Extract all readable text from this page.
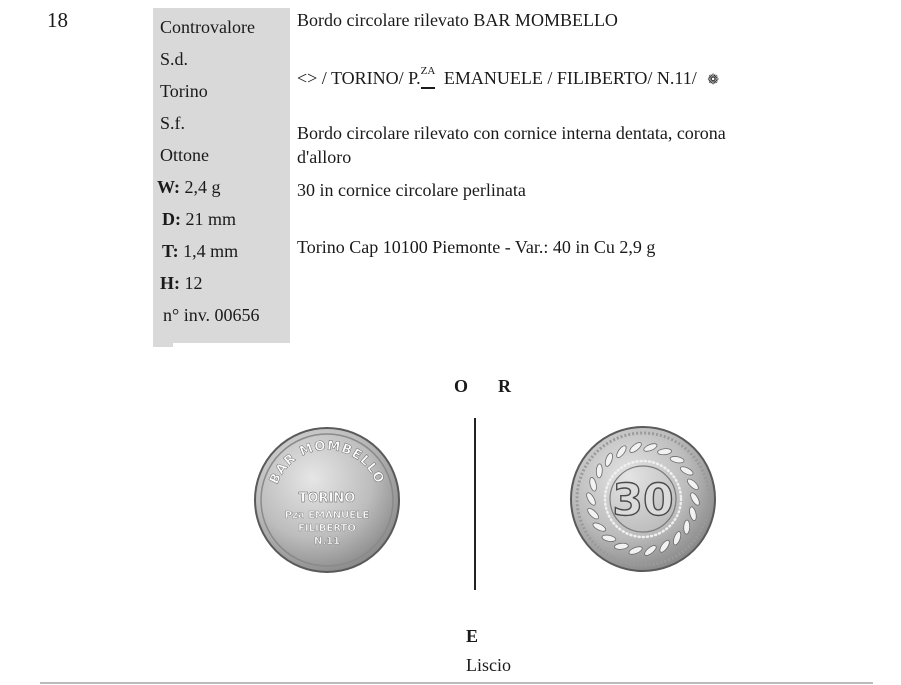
18	Controvalore
S.d.
Torino
S.f.
Ottone
W: 2,4 g
D: 21 mm
T: 1,4 mm
H: 12
n° inv. 00656
Bordo circolare rilevato BAR MOMBELLO
<> / TORINO/ P.ZA EMANUELE / FILIBERTO/ N.11/ ❁
Bordo circolare rilevato con cornice interna dentata, corona
d'alloro
30 in cornice circolare perlinata
Torino Cap 10100 Piemonte - Var.: 40 in Cu 2,9 g
O R
BAR MOMBELLO
TORINO
Pza EMANUELE
FILIBERTO
N.11
30
E
Liscio
